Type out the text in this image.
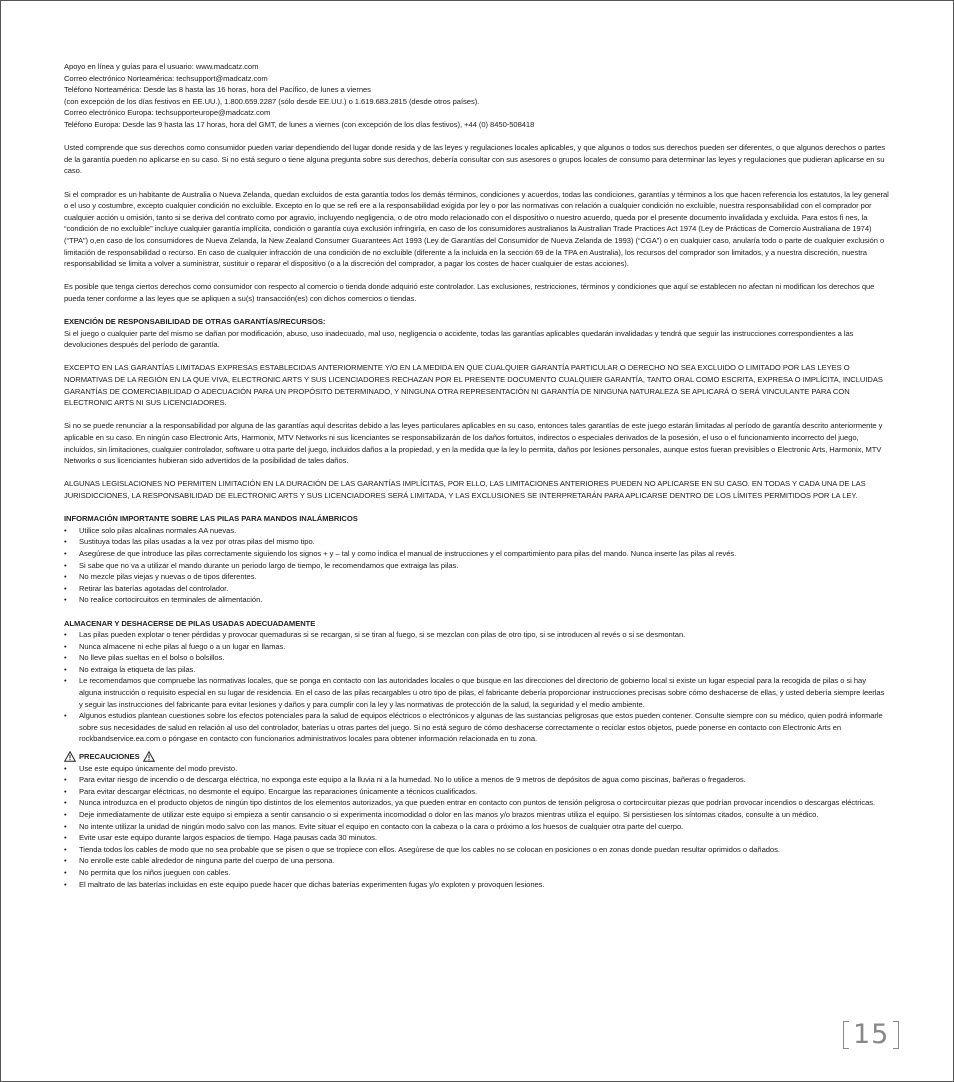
Apoyo en línea y guías para el usuario: www.madcatz.com

Correo electrónico Norteamérica: techsupport@madcatz.com

Teléfono Norteamérica: Desde las 8 hasta las 16 horas, hora del Pacífico, de lunes a viernes

(con excepción de los días festivos en EE.UU.), 1.800.659.2287 (sólo desde EE.UU.) o 1.619.683.2815 (desde otros países).

Correo electrónico Europa: techsupporteurope@madcatz.com

Teléfono Europa: Desde las 9 hasta las 17 horas, hora del GMT, de lunes a viernes (con excepción de los días festivos), +44 (0) 8450-508418

Usted comprende que sus derechos como consumidor pueden variar dependiendo del lugar donde resida y de las leyes y regulaciones locales aplicables, y que algunos o todos sus derechos pueden ser diferentes, o que algunos derechos o partes de la garantía pueden no aplicarse en su caso. Si no está seguro o tiene alguna pregunta sobre sus derechos, debería consultar con sus asesores o grupos locales de consumo para determinar las leyes y regulaciones que pudieran aplicarse en su caso.

Si el comprador es un habitante de Australia o Nueva Zelanda, quedan excluidos de esta garantía todos los demás términos, condiciones y acuerdos, todas las condiciones, garantías y términos a los que hacen referencia los estatutos, la ley general o el uso y costumbre, excepto cualquier condición no excluible. Excepto en lo que se refi ere a la responsabilidad exigida por ley o por las normativas con relación a cualquier condición no excluible, nuestra responsabilidad con el comprador por cualquier acción u omisión, tanto si se deriva del contrato como por agravio, incluyendo negligencia, o de otro modo relacionado con el dispositivo o nuestro acuerdo, queda por el presente documento invalidada y excluida. Para estos fi nes, la “condición de no excluible” incluye cualquier garantía implícita, condición o garantía cuya exclusión infringiría, en caso de los consumidores australianos la Australian Trade Practices Act 1974 (Ley de Prácticas de Comercio Australiana de 1974) (“TPA”) o,en caso de los consumidores de Nueva Zelanda, la New Zealand Consumer Guarantees Act 1993 (Ley de Garantías del Consumidor de Nueva Zelanda de 1993) (“CGA”) o en cualquier caso, anularía todo o parte de cualquier exclusión o limitación de responsabilidad o recurso. En caso de cualquier infracción de una condición de no excluible (diferente a la incluida en la sección 69 de la TPA en Australia), los recursos del comprador son limitados, y a nuestra discreción, nuestra responsabilidad se limita a volver a suministrar, sustituir o reparar el dispositivo (o a la discreción del comprador, a pagar los costes de hacer cualquier de estas acciones).

Es posible que tenga ciertos derechos como consumidor con respecto al comercio o tienda donde adquirió este controlador. Las exclusiones, restricciones, términos y condiciones que aquí se establecen no afectan ni modifican los derechos que pueda tener conforme a las leyes que se apliquen a su(s) transacción(es) con dichos comercios o tiendas.

EXENCIÓN DE RESPONSABILIDAD DE OTRAS GARANTÍAS/RECURSOS:

Si el juego o cualquier parte del mismo se dañan por modificación, abuso, uso inadecuado, mal uso, negligencia o accidente, todas las garantías aplicables quedarán invalidadas y tendrá que seguir las instrucciones correspondientes a las devoluciones después del período de garantía.

EXCEPTO EN LAS GARANTÍAS LIMITADAS EXPRESAS ESTABLECIDAS ANTERIORMENTE Y/O EN LA MEDIDA EN QUE CUALQUIER GARANTÍA PARTICULAR O DERECHO NO SEA EXCLUIDO O LIMITADO POR LAS LEYES O NORMATIVAS DE LA REGIÓN EN LA QUE VIVA, ELECTRONIC ARTS Y SUS LICENCIADORES RECHAZAN POR EL PRESENTE DOCUMENTO CUALQUIER GARANTÍA, TANTO ORAL COMO ESCRITA, EXPRESA O IMPLÍCITA, INCLUIDAS GARANTÍAS DE COMERCIABILIDAD O ADECUACIÓN PARA UN PROPÓSITO DETERMINADO, Y NINGUNA OTRA REPRESENTACIÓN NI GARANTÍA DE NINGUNA NATURALEZA SE APLICARÁ O SERÁ VINCULANTE PARA CON ELECTRONIC ARTS NI SUS LICENCIADORES.

Si no se puede renunciar a la responsabilidad por alguna de las garantías aquí descritas debido a las leyes particulares aplicables en su caso, entonces tales garantías de este juego estarán limitadas al período de garantía descrito anteriormente y aplicable en su caso. En ningún caso Electronic Arts, Harmonix, MTV Networks ni sus licenciantes se responsabilizarán de los daños fortuitos, indirectos o especiales derivados de la posesión, el uso o el funcionamiento incorrecto del juego, incluidos, sin limitaciones, cualquier controlador, software u otra parte del juego, incluidos daños a la propiedad, y en la medida que la ley lo permita, daños por lesiones personales, aunque estos fueran previsibles o Electronic Arts, Harmonix, MTV Networks o sus licenciantes hubieran sido advertidos de la posibilidad de tales daños.

ALGUNAS LEGISLACIONES NO PERMITEN LIMITACIÓN EN LA DURACIÓN DE LAS GARANTÍAS IMPLÍCITAS, POR ELLO, LAS LIMITACIONES ANTERIORES PUEDEN NO APLICARSE EN SU CASO. EN TODAS Y CADA UNA DE LAS JURISDICCIONES, LA RESPONSABILIDAD DE ELECTRONIC ARTS Y SUS LICENCIADORES SERÁ LIMITADA, Y LAS EXCLUSIONES SE INTERPRETARÁN PARA APLICARSE DENTRO DE LOS LÍMITES PERMITIDOS POR LA LEY.

INFORMACIÓN IMPORTANTE SOBRE LAS PILAS PARA MANDOS INALÁMBRICOS

• Utilice solo pilas alcalinas normales AA nuevas.
• Sustituya todas las pilas usadas a la vez por otras pilas del mismo tipo.
• Asegúrese de que introduce las pilas correctamente siguiendo los signos + y – tal y como indica el manual de instrucciones y el compartimiento para pilas del mando. Nunca inserte las pilas al revés.
• Si sabe que no va a utilizar el mando durante un periodo largo de tiempo, le recomendamos que extraiga las pilas.
• No mezcle pilas viejas y nuevas o de tipos diferentes.
• Retirar las baterías agotadas del controlador.
• No realice cortocircuitos en terminales de alimentación.

ALMACENAR Y DESHACERSE DE PILAS USADAS ADECUADAMENTE

• Las pilas pueden explotar o tener pérdidas y provocar quemaduras si se recargan, si se tiran al fuego, si se mezclan con pilas de otro tipo, si se introducen al revés o si se desmontan.
• Nunca almacene ni eche pilas al fuego o a un lugar en llamas.
• No lleve pilas sueltas en el bolso o bolsillos.
• No extraiga la etiqueta de las pilas.
• Le recomendamos que compruebe las normativas locales, que se ponga en contacto con las autoridades locales o que busque en las direcciones del directorio de gobierno local si existe un lugar especial para la recogida de pilas o si hay alguna instrucción o requisito especial en su lugar de residencia. En el caso de las pilas recargables u otro tipo de pilas, el fabricante debería proporcionar instrucciones precisas sobre cómo deshacerse de ellas, y usted debería siempre leerlas y seguir las instrucciones del fabricante para evitar lesiones y daños y para cumplir con la ley y las normativas de protección de la salud, la seguridad y el medio ambiente.
• Algunos estudios plantean cuestiones sobre los efectos potenciales para la salud de equipos eléctricos o electrónicos y algunas de las sustancias peligrosas que estos pueden contener. Consulte siempre con su médico, quien podrá informarle sobre sus necesidades de salud en relación al uso del controlador, baterías u otras partes del juego. Si no está seguro de cómo deshacerse correctamente o reciclar estos objetos, puede ponerse en contacto con Electronic Arts en rockbandservice.ea.com o póngase en contacto con funcionarios administrativos locales para obtener información relacionada en tu zona.
PRECAUCIONES
• Use este equipo únicamente del modo previsto.
• Para evitar riesgo de incendio o de descarga eléctrica, no exponga este equipo a la lluvia ni a la humedad. No lo utilice a menos de 9 metros de depósitos de agua como piscinas, bañeras o fregaderos.
• Para evitar descargar eléctricas, no desmonte el equipo. Encargue las reparaciones únicamente a técnicos cualificados.
• Nunca introduzca en el producto objetos de ningún tipo distintos de los elementos autorizados, ya que pueden entrar en contacto con puntos de tensión peligrosa o cortocircuitar piezas que podrían provocar incendios o descargas eléctricas.
• Deje inmediatamente de utilizar este equipo si empieza a sentir cansancio o si experimenta incomodidad o dolor en las manos y/o brazos mientras utiliza el equipo. Si persistiesen los síntomas citados, consulte a un médico.
• No intente utilizar la unidad de ningún modo salvo con las manos. Evite situar el equipo en contacto con la cabeza o la cara o próximo a los huesos de cualquier otra parte del cuerpo.
• Evite usar este equipo durante largos espacios de tiempo. Haga pausas cada 30 minutos.
• Tienda todos los cables de modo que no sea probable que se pisen o que se tropiece con ellos. Asegúrese de que los cables no se colocan en posiciones o en zonas donde puedan resultar oprimidos o dañados.
• No enrolle este cable alrededor de ninguna parte del cuerpo de una persona.
• No permita que los niños jueguen con cables.
• El maltrato de las baterías incluidas en este equipo puede hacer que dichas baterías experimenten fugas y/o exploten y provoquen lesiones.
15
